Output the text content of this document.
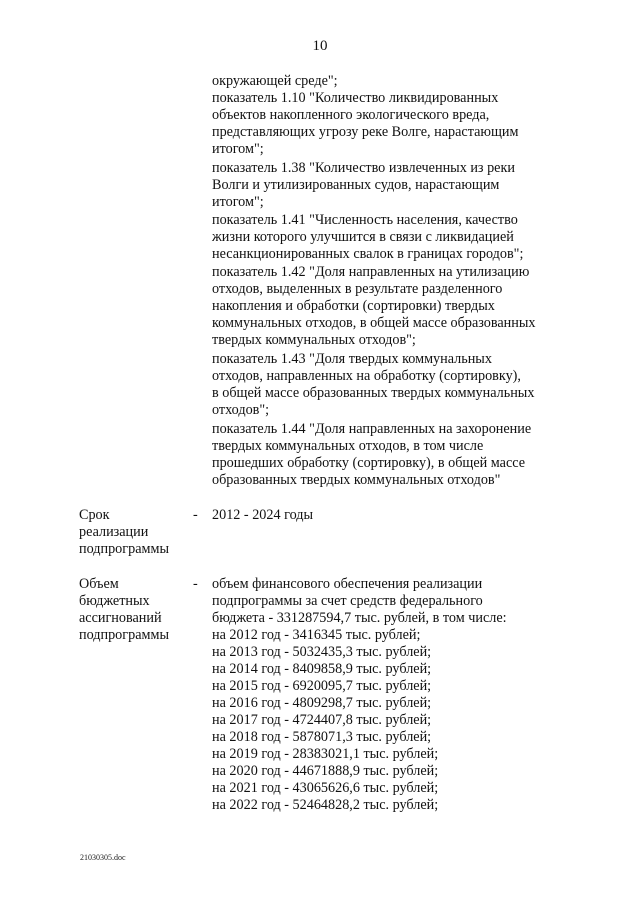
10
окружающей среде";
показатель 1.10 "Количество ликвидированных
объектов накопленного экологического вреда,
представляющих угрозу реке Волге, нарастающим
итогом";
показатель 1.38 "Количество извлеченных из реки
Волги и утилизированных судов, нарастающим
итогом";
показатель 1.41 "Численность населения, качество
жизни которого улучшится в связи с ликвидацией
несанкционированных свалок в границах городов";
показатель 1.42 "Доля направленных на утилизацию
отходов, выделенных в результате разделенного
накопления и обработки (сортировки) твердых
коммунальных отходов, в общей массе образованных
твердых коммунальных отходов";
показатель 1.43 "Доля твердых коммунальных
отходов, направленных на обработку (сортировку),
в общей массе образованных твердых коммунальных
отходов";
показатель 1.44 "Доля направленных на захоронение
твердых коммунальных отходов, в том числе
прошедших обработку (сортировку), в общей массе
образованных твердых коммунальных отходов"
Срок
реализации
подпрограммы
- 2012 - 2024 годы
Объем
бюджетных
ассигнований
подпрограммы
- объем финансового обеспечения реализации
подпрограммы за счет средств федерального
бюджета - 331287594,7 тыс. рублей, в том числе:
на 2012 год - 3416345 тыс. рублей;
на 2013 год - 5032435,3 тыс. рублей;
на 2014 год - 8409858,9 тыс. рублей;
на 2015 год - 6920095,7 тыс. рублей;
на 2016 год - 4809298,7 тыс. рублей;
на 2017 год - 4724407,8 тыс. рублей;
на 2018 год - 5878071,3 тыс. рублей;
на 2019 год - 28383021,1 тыс. рублей;
на 2020 год - 44671888,9 тыс. рублей;
на 2021 год - 43065626,6 тыс. рублей;
на 2022 год - 52464828,2 тыс. рублей;
21030305.doc
